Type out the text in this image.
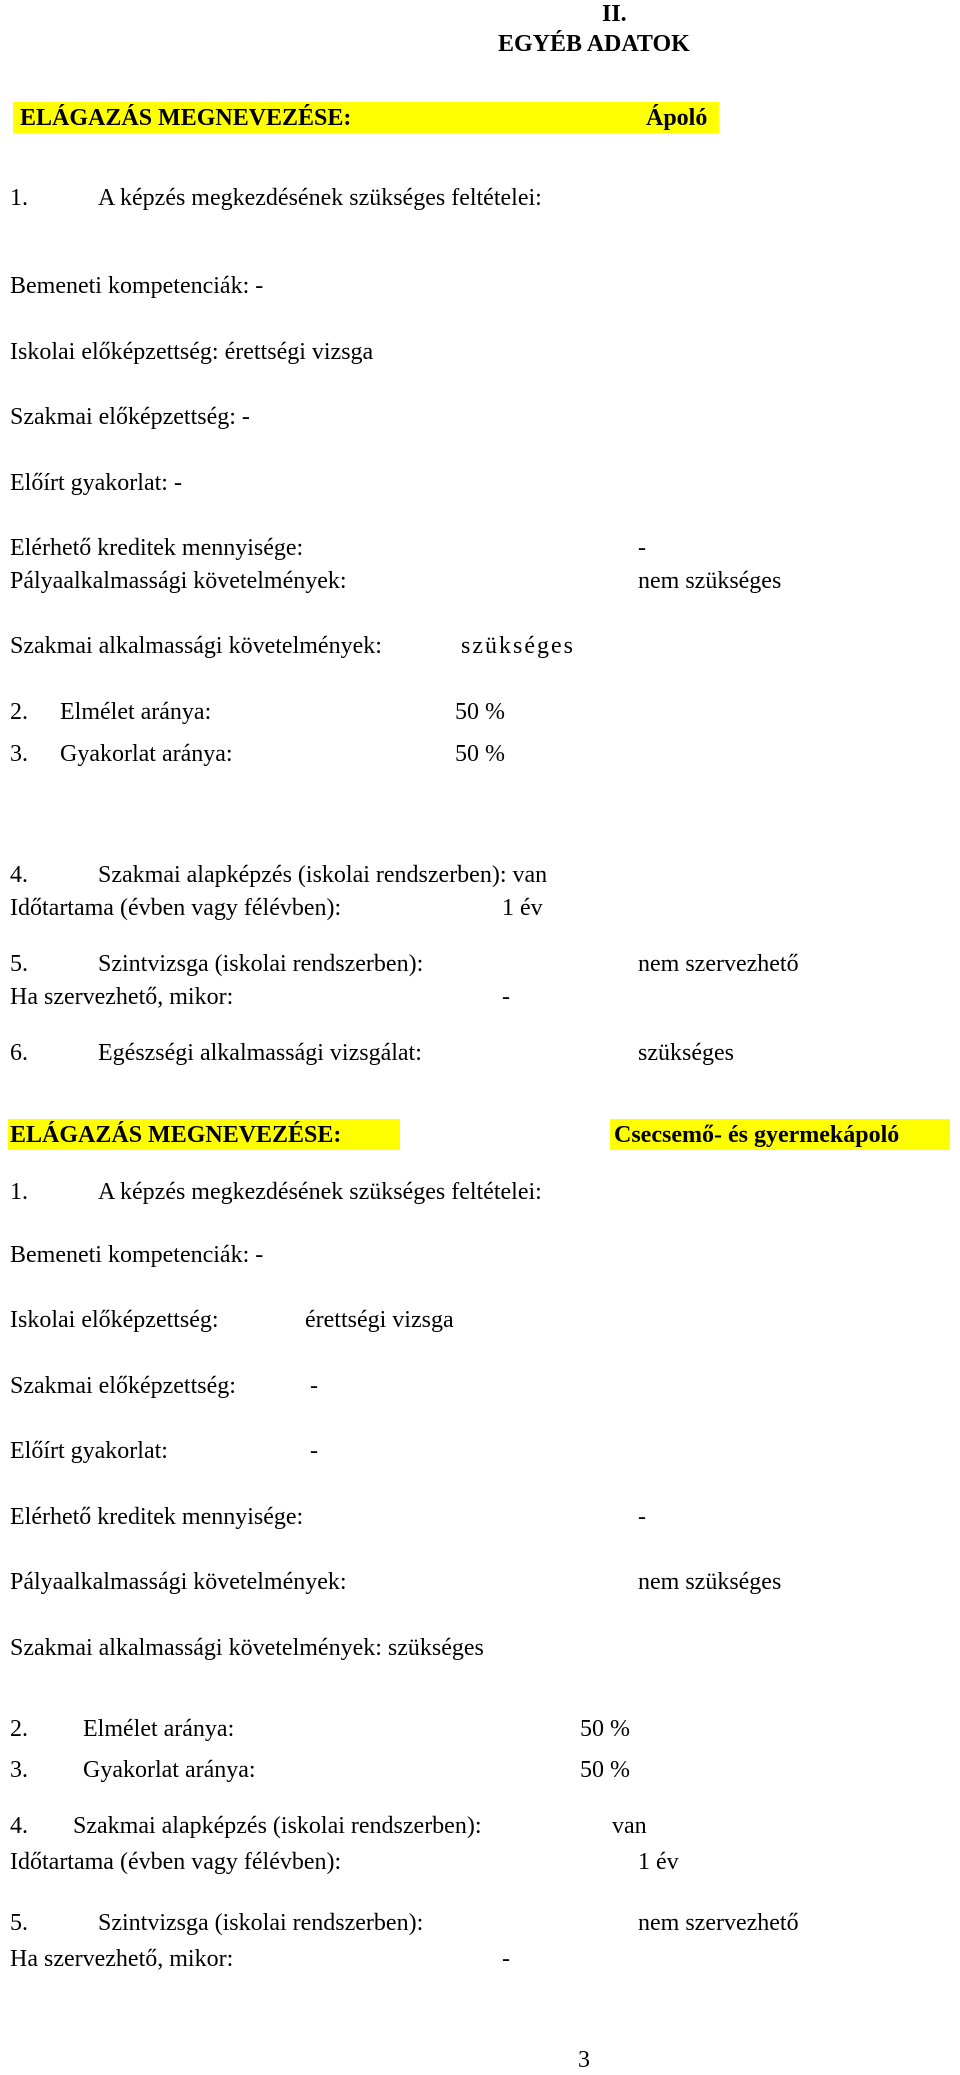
II.
EGYÉB ADATOK
ELÁGAZÁS MEGNEVEZÉSE:	Ápoló
1.	A képzés megkezdésének szükséges feltételei:
Bemeneti kompetenciák: -
Iskolai előképzettség: érettségi vizsga
Szakmai előképzettség: -
Előírt gyakorlat: -
Elérhető kreditek mennyisége:	-
Pályaalkalmassági követelmények:	nem szükséges
Szakmai alkalmassági követelmények:	szükséges
2. Elmélet aránya:	50 %
3. Gyakorlat aránya:	50 %
4.	Szakmai alapképzés (iskolai rendszerben): van
Időtartama (évben vagy félévben):	1 év
5.	Szintvizsga (iskolai rendszerben):	nem szervezhető
Ha szervezhető, mikor:	-
6.	Egészségi alkalmassági vizsgálat:	szükséges
ELÁGAZÁS MEGNEVEZÉSE:	Csecsemő- és gyermekápoló
1.	A képzés megkezdésének szükséges feltételei:
Bemeneti kompetenciák: -
Iskolai előképzettség:	érettségi vizsga
Szakmai előképzettség:	-
Előírt gyakorlat:	-
Elérhető kreditek mennyisége:	-
Pályaalkalmassági követelmények:	nem szükséges
Szakmai alkalmassági követelmények: szükséges
2. Elmélet aránya:	50 %
3. Gyakorlat aránya:	50 %
4. Szakmai alapképzés (iskolai rendszerben):	van
Időtartama (évben vagy félévben):	1 év
5.	Szintvizsga (iskolai rendszerben):	nem szervezhető
Ha szervezhető, mikor:	-
3
